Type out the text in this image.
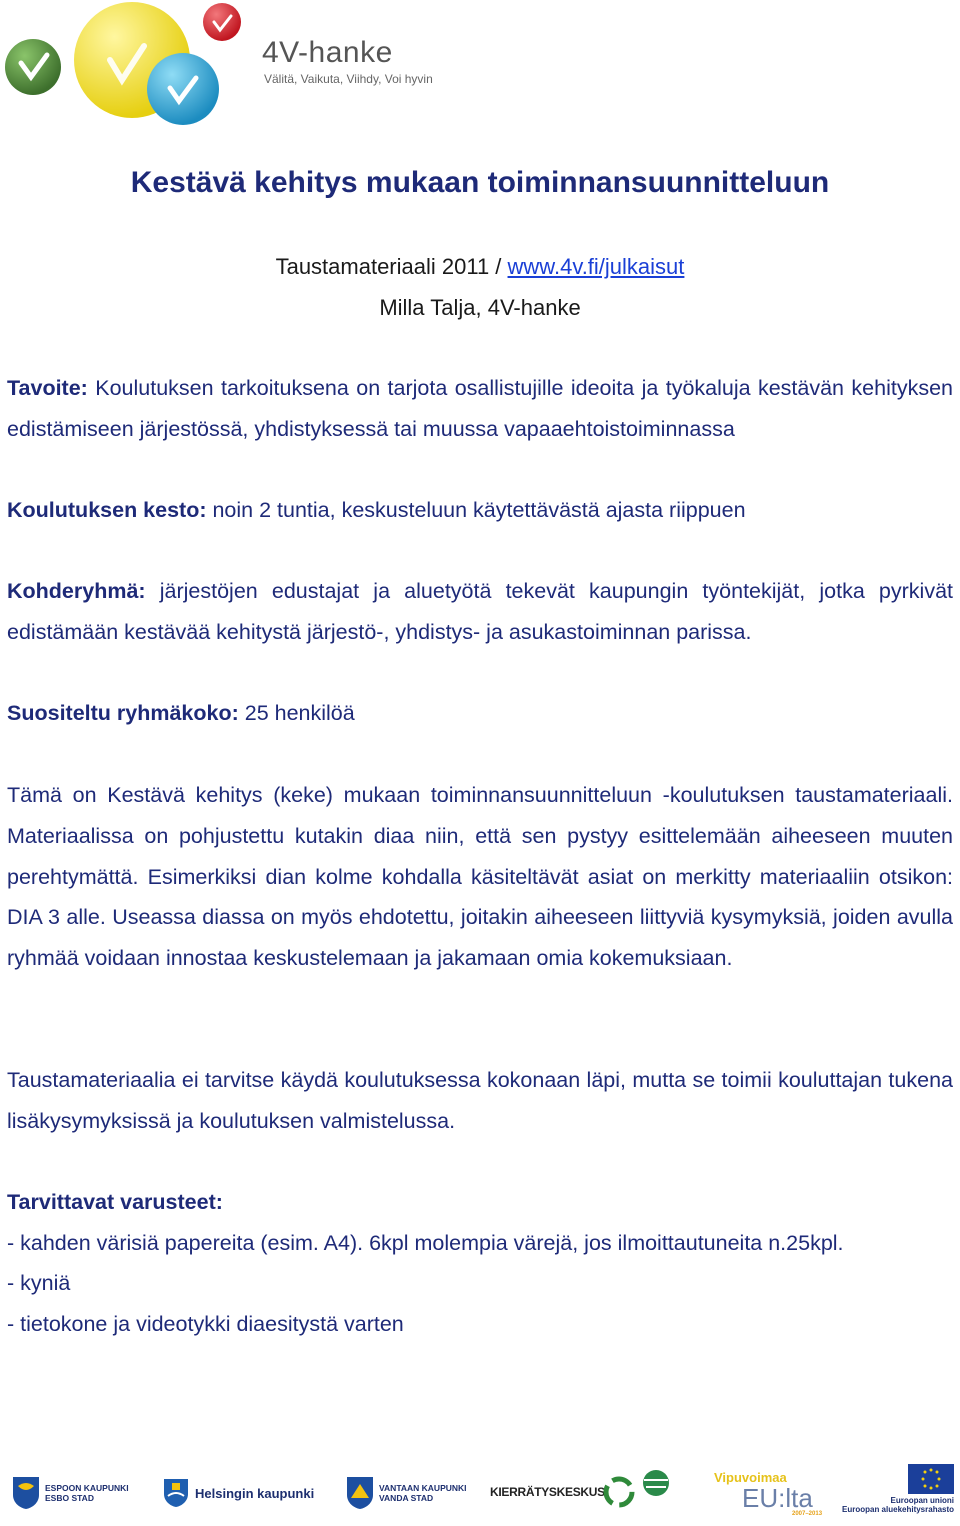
4V-hanke
Välitä, Vaikuta, Viihdy, Voi hyvin
Kestävä kehitys mukaan toiminnansuunnitteluun
Taustamateriaali 2011 / www.4v.fi/julkaisut
Milla Talja, 4V-hanke

Tavoite: Koulutuksen tarkoituksena on tarjota osallistujille ideoita ja työkaluja kestävän kehityksen edistämiseen järjestössä, yhdistyksessä tai muussa vapaaehtoistoiminnassa

Koulutuksen kesto: noin 2 tuntia, keskusteluun käytettävästä ajasta riippuen

Kohderyhmä: järjestöjen edustajat ja aluetyötä tekevät kaupungin työntekijät, jotka pyrkivät edistämään kestävää kehitystä järjestö-, yhdistys- ja asukastoiminnan parissa.

Suositeltu ryhmäkoko: 25 henkilöä

Tämä on Kestävä kehitys (keke) mukaan toiminnansuunnitteluun -koulutuksen taustamateriaali. Materiaalissa on pohjustettu kutakin diaa niin, että sen pystyy esittelemään aiheeseen muuten perehtymättä. Esimerkiksi dian kolme kohdalla käsiteltävät asiat on merkitty materiaaliin otsikon: DIA 3 alle. Useassa diassa on myös ehdotettu, joitakin aiheeseen liittyviä kysymyksiä, joiden avulla ryhmää voidaan innostaa keskustelemaan ja jakamaan omia kokemuksiaan.

Taustamateriaalia ei tarvitse käydä koulutuksessa kokonaan läpi, mutta se toimii kouluttajan tukena lisäkysymyksissä ja koulutuksen valmistelussa.

Tarvittavat varusteet:

- kahden värisiä papereita (esim. A4). 6kpl molempia värejä, jos ilmoittautuneita n.25kpl.

- kyniä

- tietokone ja videotykki diaesitystä varten

ESPOON KAUPUNKI
ESBO STAD	Helsingin kaupunki	VANTAAN KAUPUNKI
VANDA STAD	KIERRÄTYSKESKUS
Vipuvoimaa
EU:lta
2007–2013
Euroopan unioni
Euroopan aluekehitysrahasto
